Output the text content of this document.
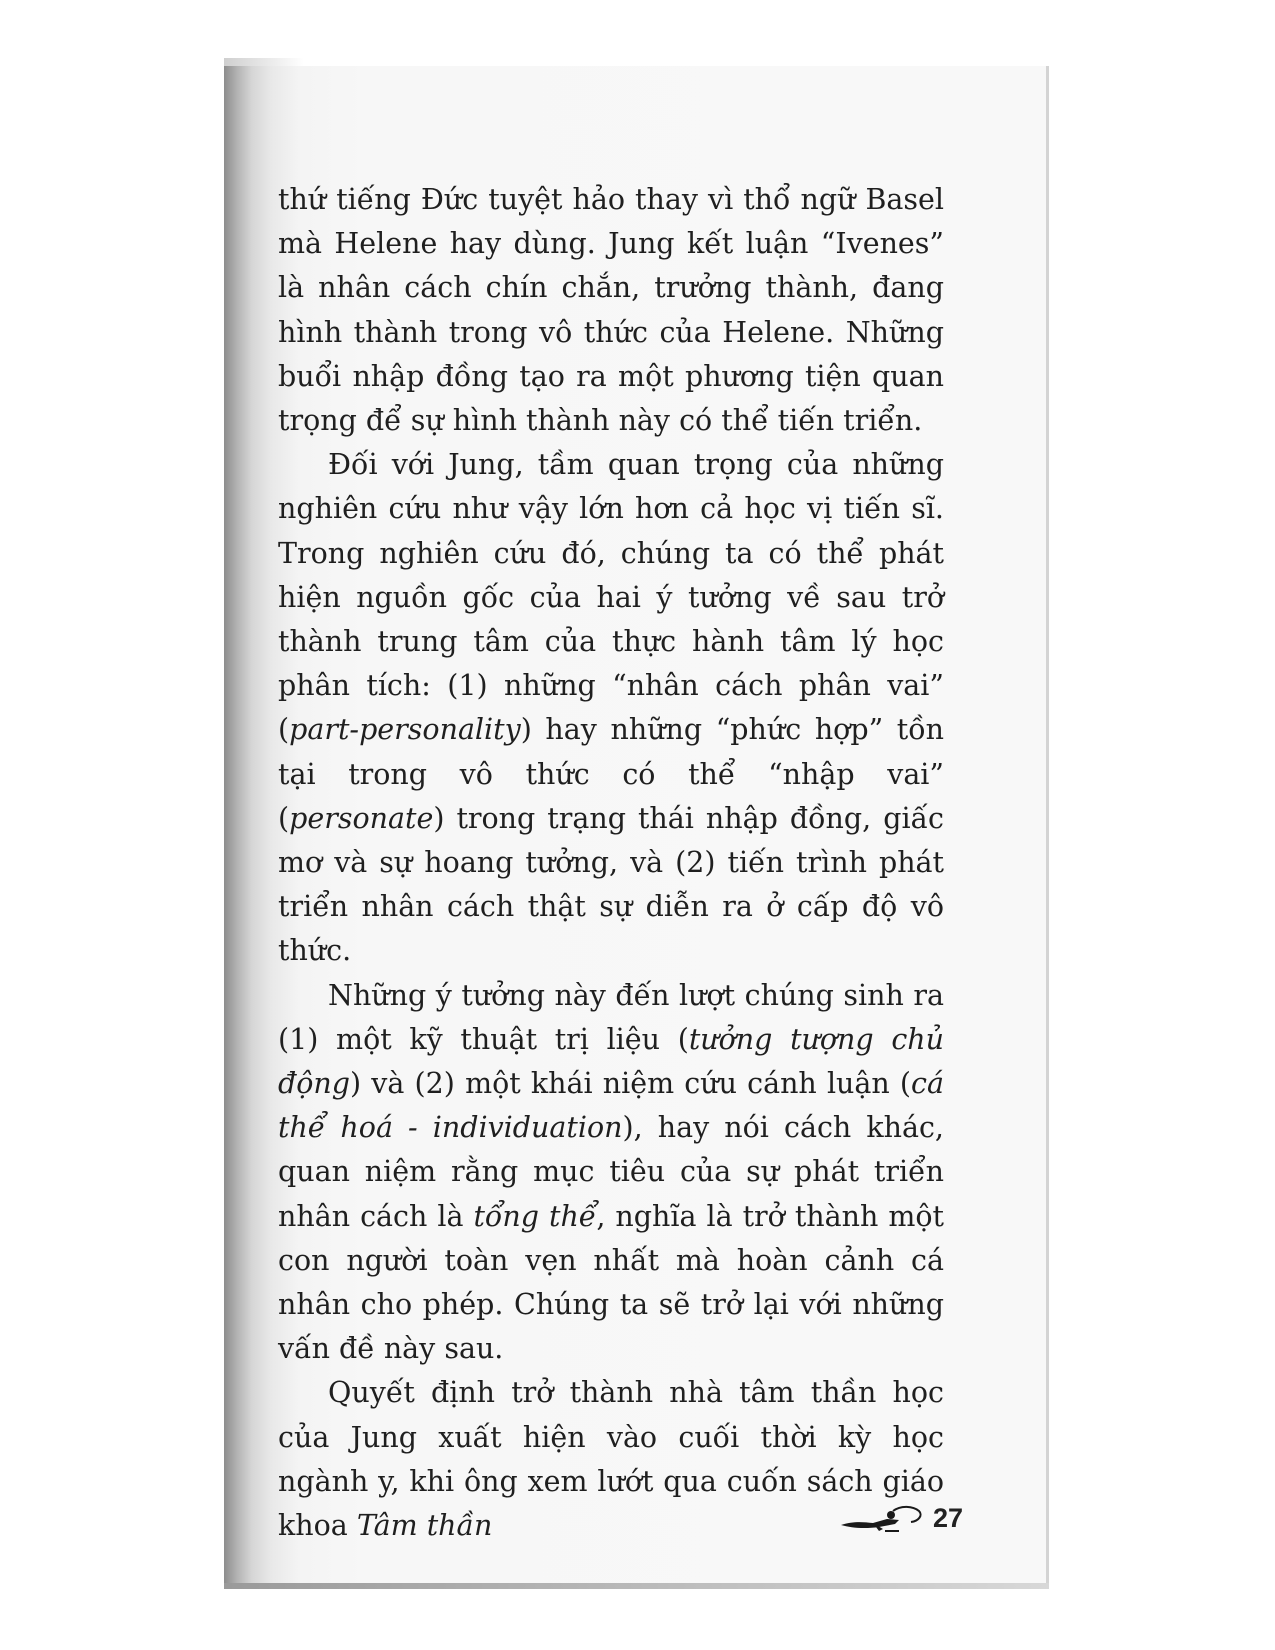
thứ tiếng Đức tuyệt hảo thay vì thổ ngữ Basel mà Helene hay dùng. Jung kết luận “Ivenes” là nhân cách chín chắn, trưởng thành, đang hình thành trong vô thức của Helene. Những buổi nhập đồng tạo ra một phương tiện quan trọng để sự hình thành này có thể tiến triển.

Đối với Jung, tầm quan trọng của những nghiên cứu như vậy lớn hơn cả học vị tiến sĩ. Trong nghiên cứu đó, chúng ta có thể phát hiện nguồn gốc của hai ý tưởng về sau trở thành trung tâm của thực hành tâm lý học phân tích: (1) những “nhân cách phân vai” (part-personality) hay những “phức hợp” tồn tại trong vô thức có thể “nhập vai” (personate) trong trạng thái nhập đồng, giấc mơ và sự hoang tưởng, và (2) tiến trình phát triển nhân cách thật sự diễn ra ở cấp độ vô thức.

Những ý tưởng này đến lượt chúng sinh ra (1) một kỹ thuật trị liệu (tưởng tượng chủ động) và (2) một khái niệm cứu cánh luận (cá thể hoá - individuation), hay nói cách khác, quan niệm rằng mục tiêu của sự phát triển nhân cách là tổng thể, nghĩa là trở thành một con người toàn vẹn nhất mà hoàn cảnh cá nhân cho phép. Chúng ta sẽ trở lại với những vấn đề này sau.

Quyết định trở thành nhà tâm thần học của Jung xuất hiện vào cuối thời kỳ học ngành y, khi ông xem lướt qua cuốn sách giáo khoa Tâm thần	27
